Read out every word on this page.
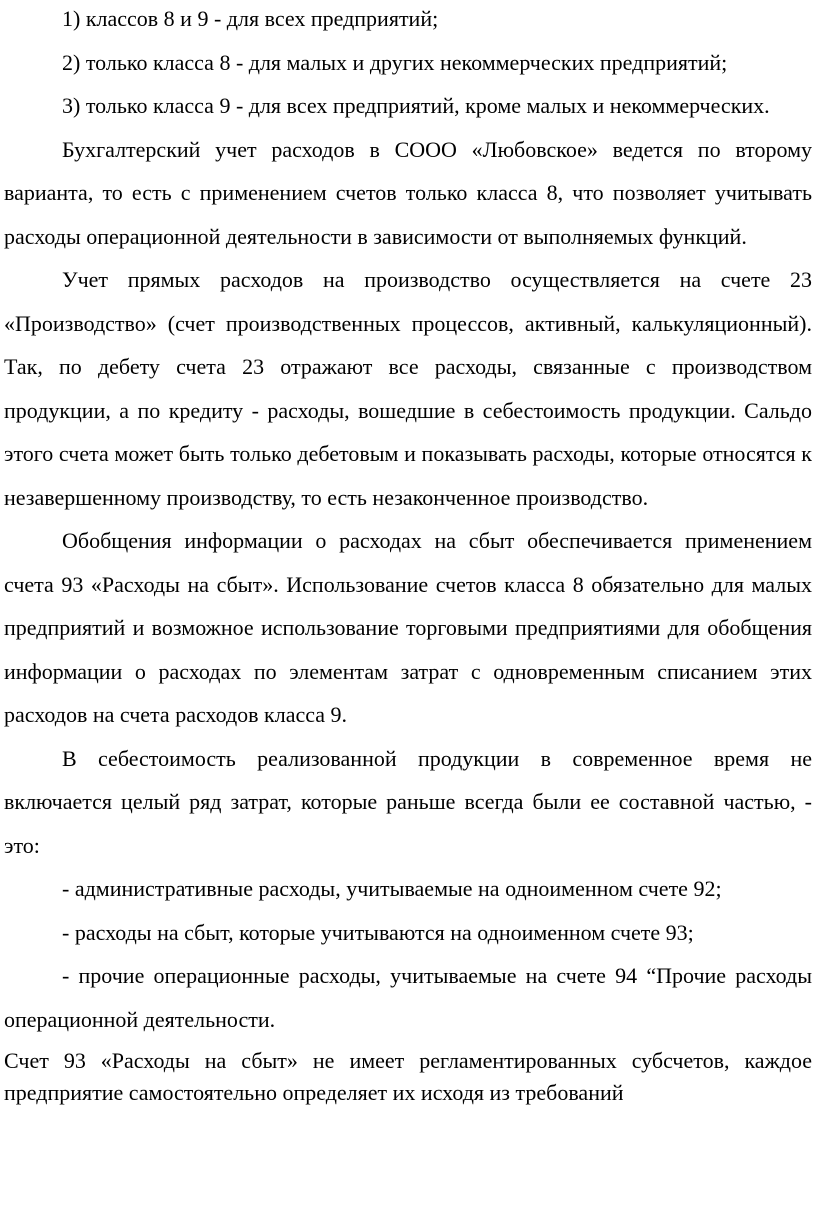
1) классов 8 и 9 - для всех предприятий;

2) только класса 8 - для малых и других некоммерческих предприятий;

3) только класса 9 - для всех предприятий, кроме малых и некоммерческих.

Бухгалтерский учет расходов в СООО «Любовское» ведется по второму варианта, то есть с применением счетов только класса 8, что позволяет учитывать расходы операционной деятельности в зависимости от выполняемых функций.

Учет прямых расходов на производство осуществляется на счете 23 «Производство» (счет производственных процессов, активный, калькуляционный). Так, по дебету счета 23 отражают все расходы, связанные с производством продукции, а по кредиту - расходы, вошедшие в себестоимость продукции. Сальдо этого счета может быть только дебетовым и показывать расходы, которые относятся к незавершенному производству, то есть незаконченное производство.

Обобщения информации о расходах на сбыт обеспечивается применением счета 93 «Расходы на сбыт». Использование счетов класса 8 обязательно для малых предприятий и возможное использование торговыми предприятиями для обобщения информации о расходах по элементам затрат с одновременным списанием этих расходов на счета расходов класса 9.

В себестоимость реализованной продукции в современное время не включается целый ряд затрат, которые раньше всегда были ее составной частью, - это:

- административные расходы, учитываемые на одноименном счете 92;

- расходы на сбыт, которые учитываются на одноименном счете 93;

- прочие операционные расходы, учитываемые на счете 94 “Прочие расходы операционной деятельности.

Счет 93 «Расходы на сбыт» не имеет регламентированных субсчетов, каждое предприятие самостоятельно определяет их исходя из требований
